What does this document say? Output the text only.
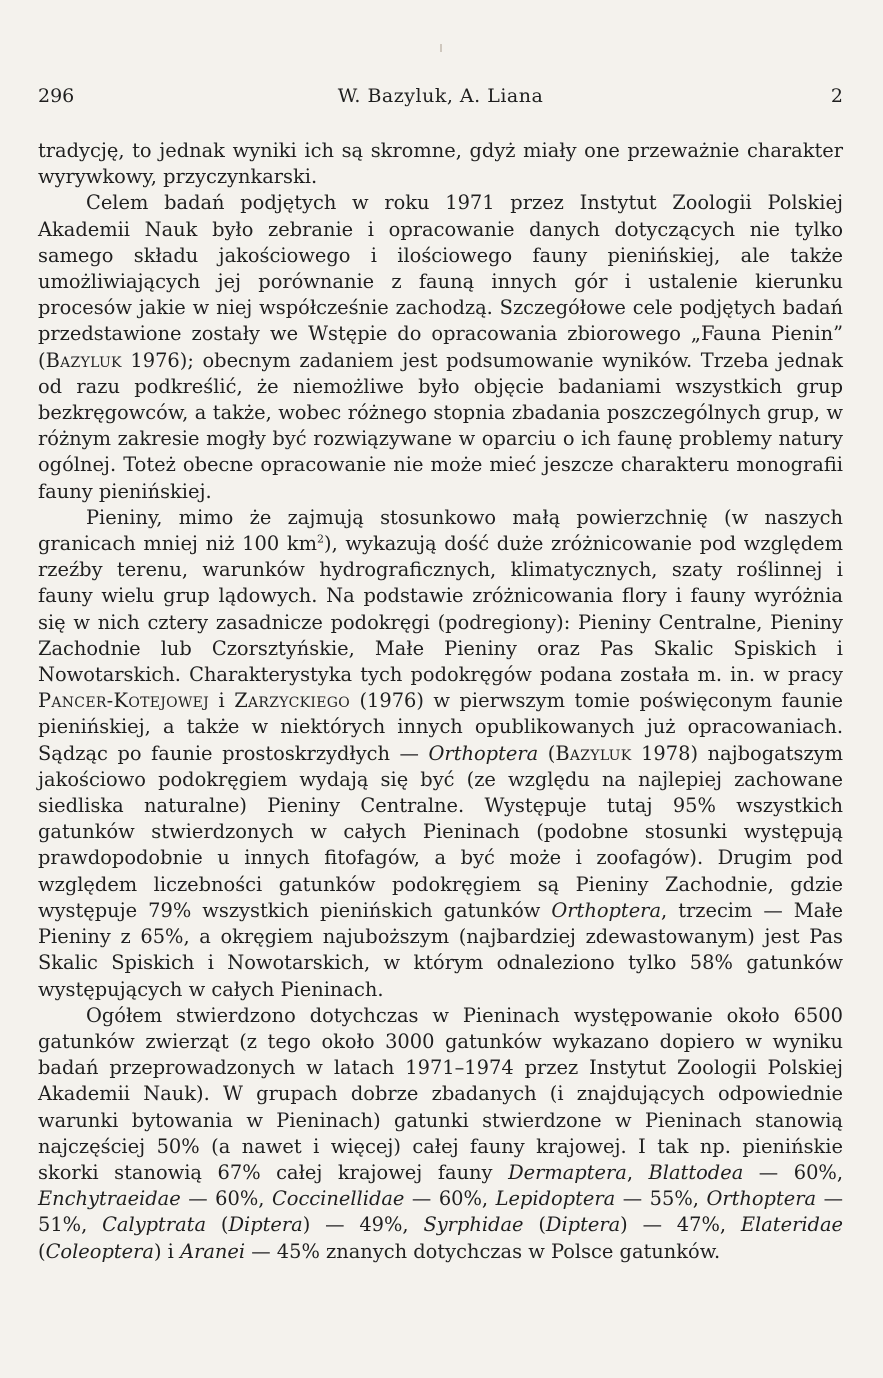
296	W. Bazyluk, A. Liana	2

tradycję, to jednak wyniki ich są skromne, gdyż miały one przeważnie charakter wyrywkowy, przyczynkarski.

Celem badań podjętych w roku 1971 przez Instytut Zoologii Polskiej Akademii Nauk było zebranie i opracowanie danych dotyczących nie tylko samego składu jakościowego i ilościowego fauny pienińskiej, ale także umożliwiających jej porównanie z fauną innych gór i ustalenie kierunku procesów jakie w niej współcześnie zachodzą. Szczegółowe cele podjętych badań przedstawione zostały we Wstępie do opracowania zbiorowego „Fauna Pienin” (Bazyluk 1976); obecnym zadaniem jest podsumowanie wyników. Trzeba jednak od razu podkreślić, że niemożliwe było objęcie badaniami wszystkich grup bezkręgowców, a także, wobec różnego stopnia zbadania poszczególnych grup, w różnym zakresie mogły być rozwiązywane w oparciu o ich faunę problemy natury ogólnej. Toteż obecne opracowanie nie może mieć jeszcze charakteru monografii fauny pienińskiej.

Pieniny, mimo że zajmują stosunkowo małą powierzchnię (w naszych granicach mniej niż 100 $km^2$), wykazują dość duże zróżnicowanie pod względem rzeźby terenu, warunków hydrograficznych, klimatycznych, szaty roślinnej i fauny wielu grup lądowych. Na podstawie zróżnicowania flory i fauny wyróżnia się w nich cztery zasadnicze podokręgi (podregiony): Pieniny Centralne, Pieniny Zachodnie lub Czorsztyńskie, Małe Pieniny oraz Pas Skalic Spiskich i Nowotarskich. Charakterystyka tych podokręgów podana została m. in. w pracy Pancer-Kotejowej i Zarzyckiego (1976) w pierwszym tomie poświęconym faunie pienińskiej, a także w niektórych innych opublikowanych już opracowaniach. Sądząc po faunie prostoskrzydłych — Orthoptera (Bazyluk 1978) najbogatszym jakościowo podokręgiem wydają się być (ze względu na najlepiej zachowane siedliska naturalne) Pieniny Centralne. Występuje tutaj 95% wszystkich gatunków stwierdzonych w całych Pieninach (podobne stosunki występują prawdopodobnie u innych fitofagów, a być może i zoofagów). Drugim pod względem liczebności gatunków podokręgiem są Pieniny Zachodnie, gdzie występuje 79% wszystkich pienińskich gatunków Orthoptera, trzecim — Małe Pieniny z 65%, a okręgiem najuboższym (najbardziej zdewastowanym) jest Pas Skalic Spiskich i Nowotarskich, w którym odnaleziono tylko 58% gatunków występujących w całych Pieninach.

Ogółem stwierdzono dotychczas w Pieninach występowanie około 6500 gatunków zwierząt (z tego około 3000 gatunków wykazano dopiero w wyniku badań przeprowadzonych w latach 1971–1974 przez Instytut Zoologii Polskiej Akademii Nauk). W grupach dobrze zbadanych (i znajdujących odpowiednie warunki bytowania w Pieninach) gatunki stwierdzone w Pieninach stanowią najczęściej 50% (a nawet i więcej) całej fauny krajowej. I tak np. pienińskie skorki stanowią 67% całej krajowej fauny Dermaptera, Blattodea — 60%, Enchytraeidae — 60%, Coccinellidae — 60%, Lepidoptera — 55%, Orthoptera — 51%, Calyptrata (Diptera) — 49%, Syrphidae (Diptera) — 47%, Elateridae (Coleoptera) i Aranei — 45% znanych dotychczas w Polsce gatunków.
